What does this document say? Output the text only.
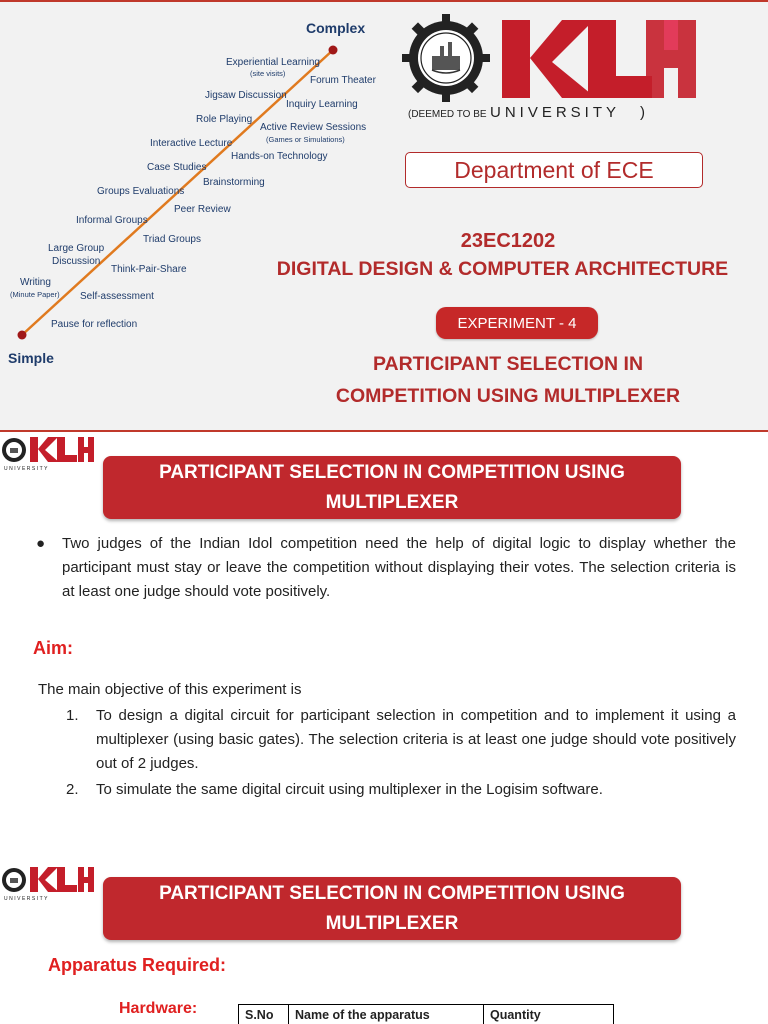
Complex
Simple
Experiential Learning
(site visits)
Jigsaw Discussion
Role Playing
Interactive Lecture
Case Studies
Groups Evaluations
Informal Groups
Large Group
Discussion
Writing
(Minute Paper)
Forum Theater
Inquiry Learning
Active Review Sessions
(Games or Simulations)
Hands-on Technology
Brainstorming
Peer Review
Triad Groups
Think-Pair-Share
Self-assessment
Pause for reflection
(DEEMED TO BE UNIVERSITY )
Department of ECE
23EC1202
DIGITAL DESIGN & COMPUTER ARCHITECTURE
EXPERIMENT - 4
PARTICIPANT SELECTION IN
COMPETITION USING MULTIPLEXER
UNIVERSITY	PARTICIPANT SELECTION IN COMPETITION USING
MULTIPLEXER
●	Two judges of the Indian Idol competition need the help of digital logic to display whether the participant must stay or leave the competition without displaying their votes. The selection criteria is at least one judge should vote positively.
Aim:
The main objective of this experiment is
1.	To design a digital circuit for participant selection in competition and to implement it using a multiplexer (using basic gates). The selection criteria is at least one judge should vote positively out of 2 judges.
2.	To simulate the same digital circuit using multiplexer in the Logisim software.
UNIVERSITY	PARTICIPANT SELECTION IN COMPETITION USING
MULTIPLEXER
Apparatus Required:
Hardware:	S.No	Name of the apparatus	Quantity
